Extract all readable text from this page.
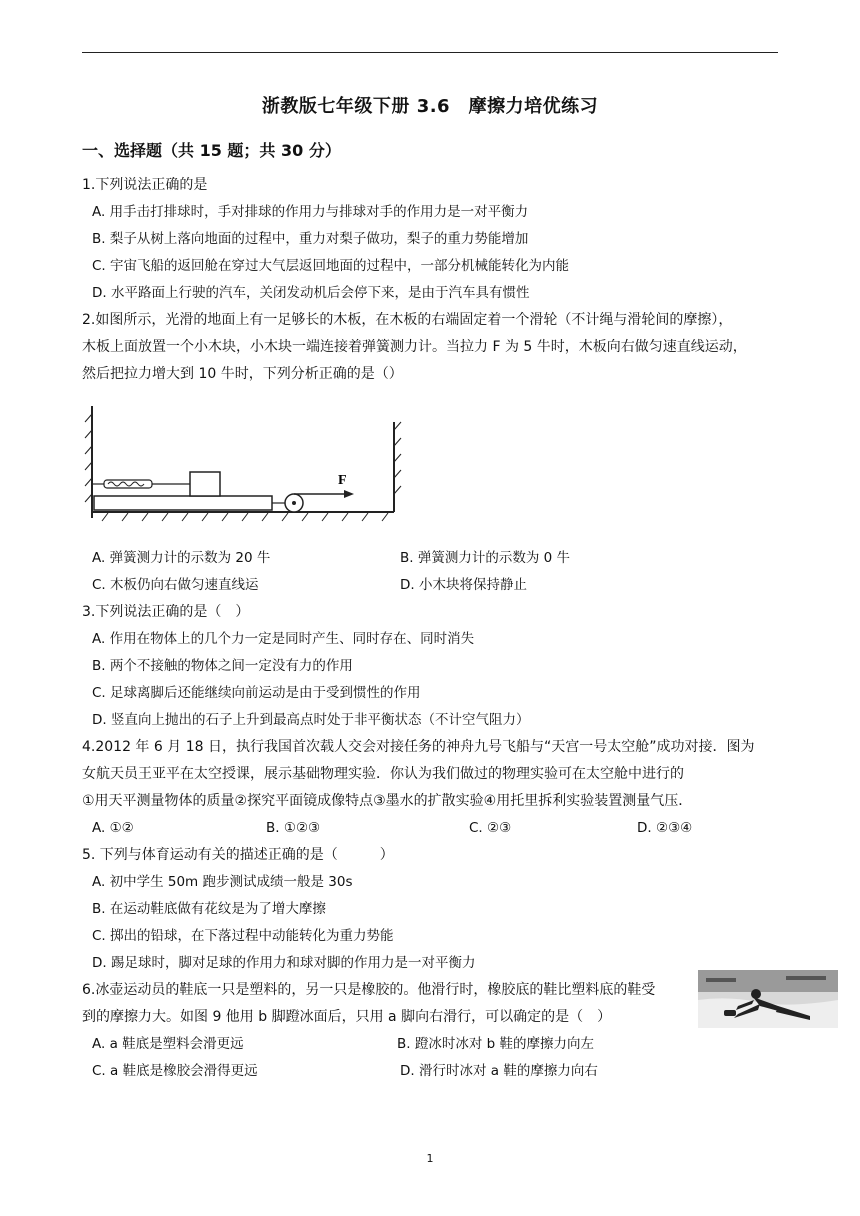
浙教版七年级下册 3.6　摩擦力培优练习
一、选择题（共 15 题；共 30 分）
1.下列说法正确的是
A. 用手击打排球时，手对排球的作用力与排球对手的作用力是一对平衡力
B. 梨子从树上落向地面的过程中，重力对梨子做功，梨子的重力势能增加
C. 宇宙飞船的返回舱在穿过大气层返回地面的过程中，一部分机械能转化为内能
D. 水平路面上行驶的汽车，关闭发动机后会停下来，是由于汽车具有惯性
2.如图所示，光滑的地面上有一足够长的木板，在木板的右端固定着一个滑轮（不计绳与滑轮间的摩擦），
木板上面放置一个小木块，小木块一端连接着弹簧测力计。当拉力 F 为 5 牛时，木板向右做匀速直线运动，
然后把拉力增大到 10 牛时，下列分析正确的是（）
F
A. 弹簧测力计的示数为 20 牛	B. 弹簧测力计的示数为 0 牛
C. 木板仍向右做匀速直线运	D. 小木块将保持静止
3.下列说法正确的是（　）
A. 作用在物体上的几个力一定是同时产生、同时存在、同时消失
B. 两个不接触的物体之间一定没有力的作用
C. 足球离脚后还能继续向前运动是由于受到惯性的作用
D. 竖直向上抛出的石子上升到最高点时处于非平衡状态（不计空气阻力）
4.2012 年 6 月 18 日，执行我国首次载人交会对接任务的神舟九号飞船与“天宫一号太空舱”成功对接．图为
女航天员王亚平在太空授课，展示基础物理实验．你认为我们做过的物理实验可在太空舱中进行的
①用天平测量物体的质量②探究平面镜成像特点③墨水的扩散实验④用托里拆利实验装置测量气压．
A. ①②	B. ①②③	C. ②③	D. ②③④
5. 下列与体育运动有关的描述正确的是（　　　）
A. 初中学生 50m 跑步测试成绩一般是 30s
B. 在运动鞋底做有花纹是为了增大摩擦
C. 掷出的铅球，在下落过程中动能转化为重力势能
D. 踢足球时，脚对足球的作用力和球对脚的作用力是一对平衡力
6.冰壶运动员的鞋底一只是塑料的，另一只是橡胶的。他滑行时，橡胶底的鞋比塑料底的鞋受
到的摩擦力大。如图 9 他用 b 脚蹬冰面后，只用 a 脚向右滑行，可以确定的是（　）
A. a 鞋底是塑料会滑更远	B. 蹬冰时冰对 b 鞋的摩擦力向左
C. a 鞋底是橡胶会滑得更远	D. 滑行时冰对 a 鞋的摩擦力向右
1
